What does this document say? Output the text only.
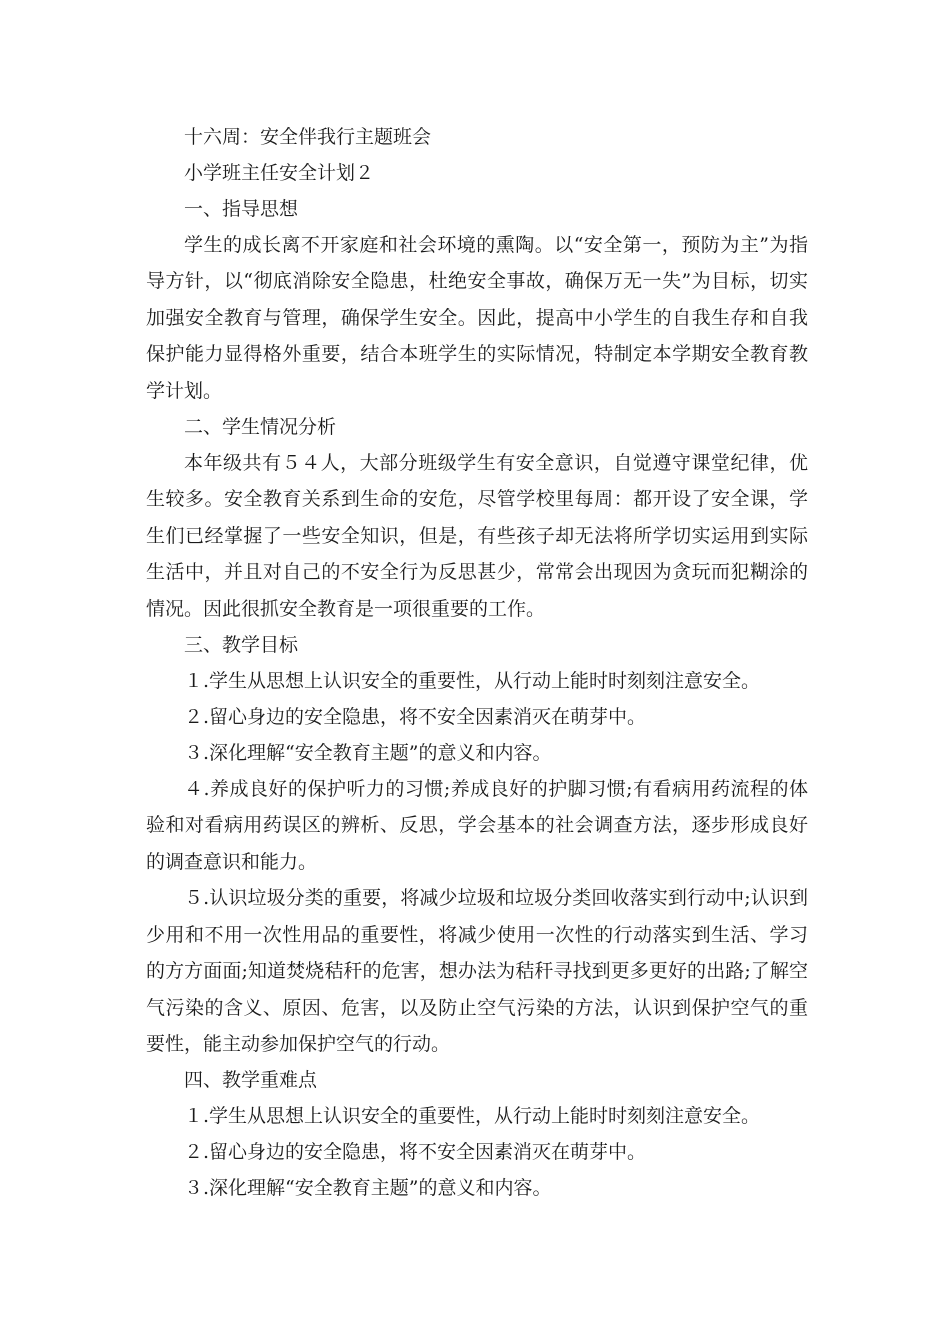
十六周：安全伴我行主题班会
小学班主任安全计划２
一、指导思想

学生的成长离不开家庭和社会环境的熏陶。以“安全第一，预防为主”为指导方针，以“彻底消除安全隐患，杜绝安全事故，确保万无一失”为目标，切实加强安全教育与管理，确保学生安全。因此，提高中小学生的自我生存和自我保护能力显得格外重要，结合本班学生的实际情况，特制定本学期安全教育教学计划。

二、学生情况分析

本年级共有５４人，大部分班级学生有安全意识，自觉遵守课堂纪律，优生较多。安全教育关系到生命的安危，尽管学校里每周：都开设了安全课，学生们已经掌握了一些安全知识，但是，有些孩子却无法将所学切实运用到实际生活中，并且对自己的不安全行为反思甚少，常常会出现因为贪玩而犯糊涂的情况。因此很抓安全教育是一项很重要的工作。

三、教学目标
１.学生从思想上认识安全的重要性，从行动上能时时刻刻注意安全。
２.留心身边的安全隐患，将不安全因素消灭在萌芽中。
３.深化理解“安全教育主题”的意义和内容。

４.养成良好的保护听力的习惯;养成良好的护脚习惯;有看病用药流程的体验和对看病用药误区的辨析、反思，学会基本的社会调查方法，逐步形成良好的调查意识和能力。

５.认识垃圾分类的重要，将减少垃圾和垃圾分类回收落实到行动中;认识到少用和不用一次性用品的重要性，将减少使用一次性的行动落实到生活、学习的方方面面;知道焚烧秸秆的危害，想办法为秸秆寻找到更多更好的出路;了解空气污染的含义、原因、危害，以及防止空气污染的方法，认识到保护空气的重要性，能主动参加保护空气的行动。

四、教学重难点
１.学生从思想上认识安全的重要性，从行动上能时时刻刻注意安全。
２.留心身边的安全隐患，将不安全因素消灭在萌芽中。
３.深化理解“安全教育主题”的意义和内容。
